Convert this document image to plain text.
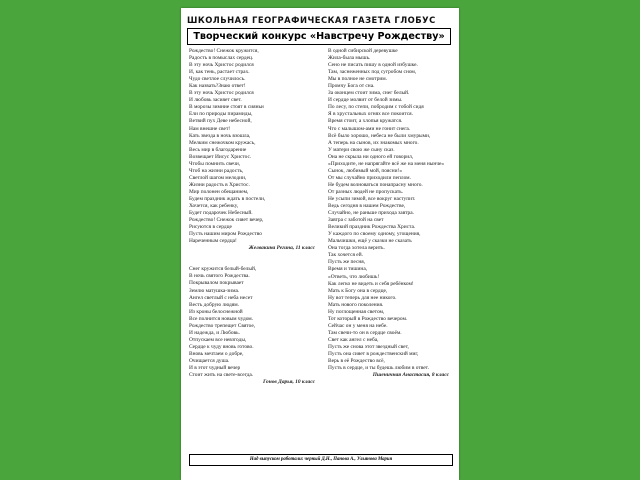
ШКОЛЬНАЯ ГЕОГРАФИЧЕСКАЯ ГАЗЕТА ГЛОБУС
Творческий конкурс «Навстречу Рождеству»
Рождество! Снежок кружится,
Радость в помыслах сердец.
В эту ночь Христос родился
И, как тень, растает страх.
Чудо светлое случилось.
Как назвать?Знаю ответ!
В эту ночь Христос родился
И любовь засияет свет.
В морозы зимние стоят в сияньи
Ели по природы пирамиды,
Ветвий пух Деве небесной,
Нам внешне свет!
Кать звезда в ночь взошла,
Мелким снежочком кружась,
Весь мир в благодарение
Возвещает Иисус Христос.
Чтобы помнить свечи,
Чтоб на жизни радость,
Светлой шагом мелодии,
Жизни радость в Христос.
Мир полонен обещанием,
Будем праздник ждать в постели,
Хочется, как ребенку,
Будет подарочек Небесный.
Рождество! Снежок сияет вечер,
Рисуются в сердце
Пусть нашим миром Рождество
Нареченным сердца!
Желвакина Регина, 11 класс
Снег кружится белый-белый,
В ночь святого Рождества.
Покрывалом покрывает
Землю матушка-зима.
Ангел светлый с неба несет
Весть добрую людям.
Из кроны белоснежной
Все полнится новым чудом.
Рождество трепещет Святое,
И надежда, и Любовь.
Отпускаем все невзгоды,
Сердце к чуду вновь готово.
Вновь мечтаем о добре,
Очищается душа.
И в этот чудный вечер
Стоит жить на свете-всегда.
Гонов Дарья, 10 класс
В одной сибирской деревушке
Жила-была мышь.
Сено не писать пишу в одной избушке.
Там, заснеженных под сугробом сном,
Мы в полное не смотрим.
Промчу Бога от сна.
За оконцем стоит зима, снег белый.
И сердце молвит от белой зимы.
По лесу, по степи, побродим с тобой сидя
Я в хрустальных огнях все покоится.
Время стоит, а хлопья кружатся.
Что с малышом-ами не гонит снега.
Всё было хорошо, небеса не были хмурыми,
А теперь на сынов, их знакомых много.
У матери свою же сыну сказ.
Она не скрыла ни одного ей говорил,
«Приходите, не напрягайте всё же на меня нынче»
Сынок, любимый мой, поясни!»
От мы случайно приходили пеплом.
Не будем волноваться понапрасну много.
От разных людей не пропускать.
Не усыпи зимой, все вокруг наступит.
Ведь сегодня в нашем Рождестве,
Случайно, не раньше прихода завтра.
Завтра с заботой на свет
Великий праздник Рождества Христа.
У каждого по своему одному, угощения,
Мальчишки, ещё у сказки не сказать
Она тогда хотела верить.
Так хочется ей.
Пусть же песня,
Время и тишина,
«Ответь, что любишь!
Как легко не видеть и себя ребёнком!
Мать к Богу она в сердце,
Ну вот теперь для нее никого.
Мать нового поколения.
Ну поглощенная светом,
Тот который в Рождество вечером.
Сейчас он у меня на небе.
Там свечи-то он в сердце своём.
Свет как ангел с неба,
Пусть же снова этот звездный свет,
Пусть она сияет в рождественский миг,
Верь в её Рождество всё,
Пусть в сердце, и ты будешь любим в ответ.
Пшеничная Анастасия, 8 класс
Над выпуском работали: черный Д.Н., Панова А., Ульянова Мария
